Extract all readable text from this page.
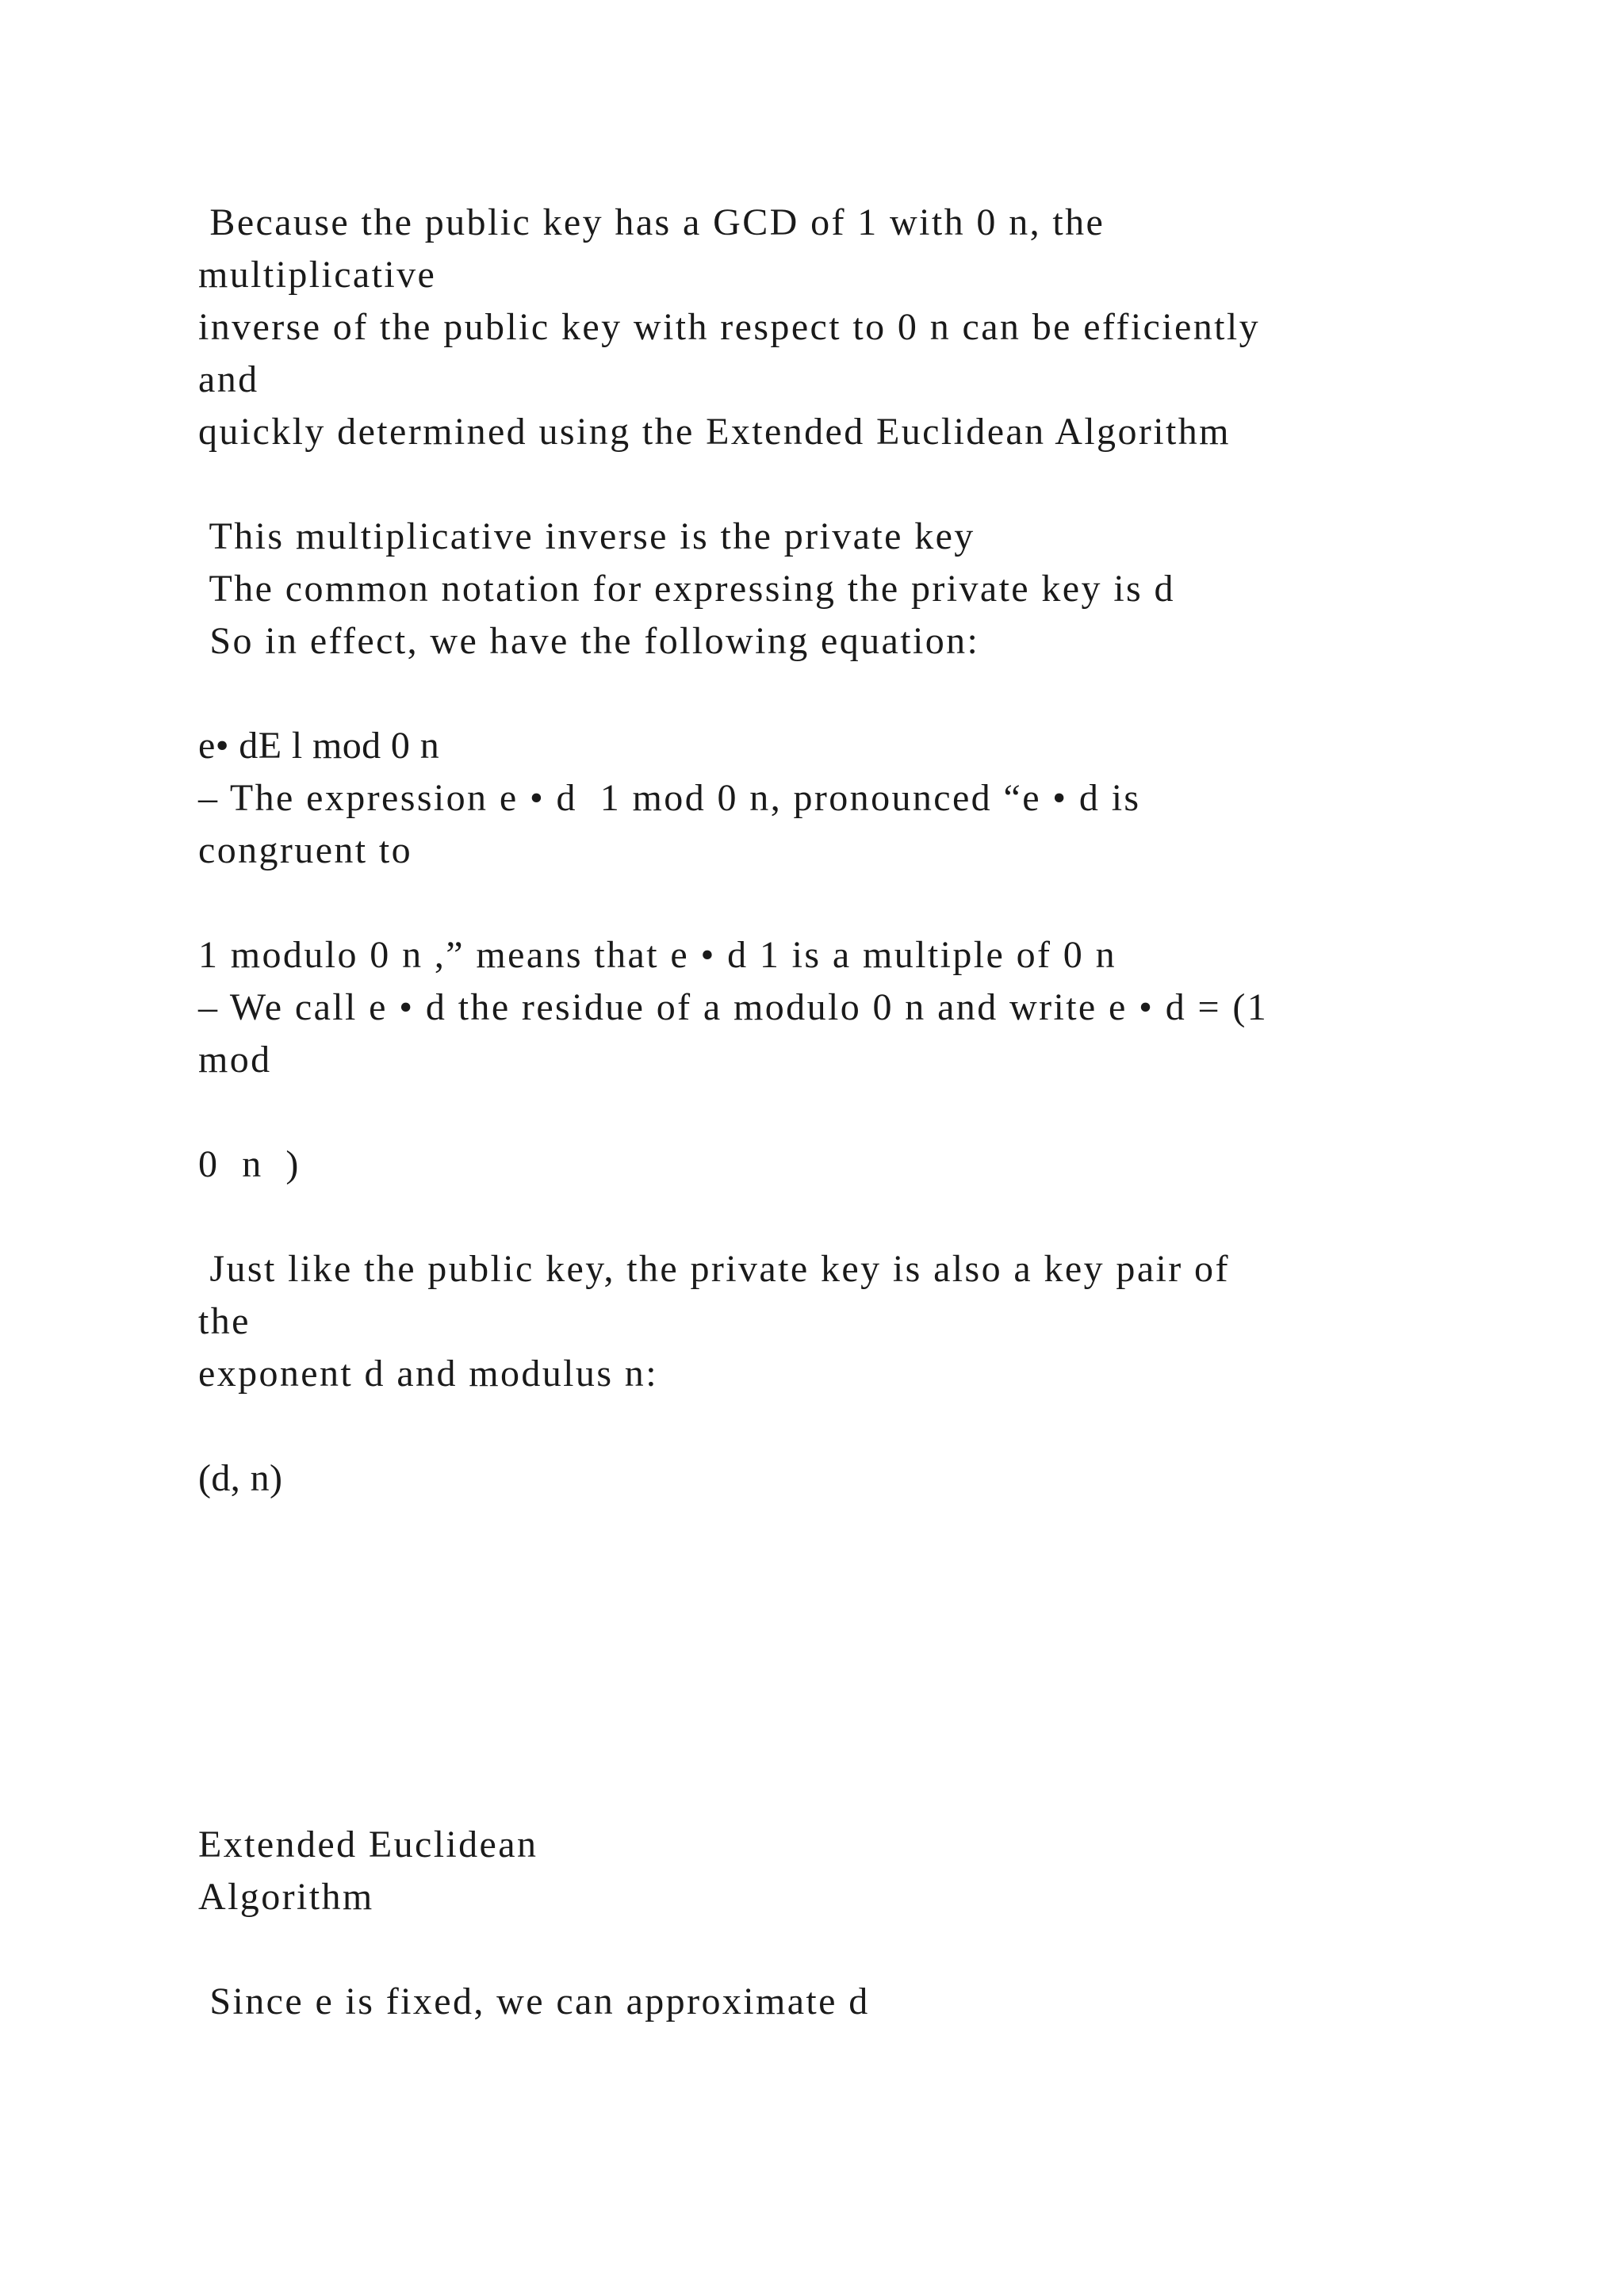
Because the public key has a GCD of 1 with 0 n, the
multiplicative
inverse of the public key with respect to 0 n can be efficiently
and
quickly determined using the Extended Euclidean Algorithm
This multiplicative inverse is the private key
The common notation for expressing the private key is d
So in effect, we have the following equation:
e• dE l mod 0 n
– The expression e • d  1 mod 0 n, pronounced “e • d is
congruent to
1 modulo 0 n ,” means that e • d 1 is a multiple of 0 n
– We call e • d the residue of a modulo 0 n and write e • d = (1
mod
0  n  )
Just like the public key, the private key is also a key pair of
the
exponent d and modulus n:
(d, n)
Extended Euclidean
Algorithm
Since e is fixed, we can approximate d
